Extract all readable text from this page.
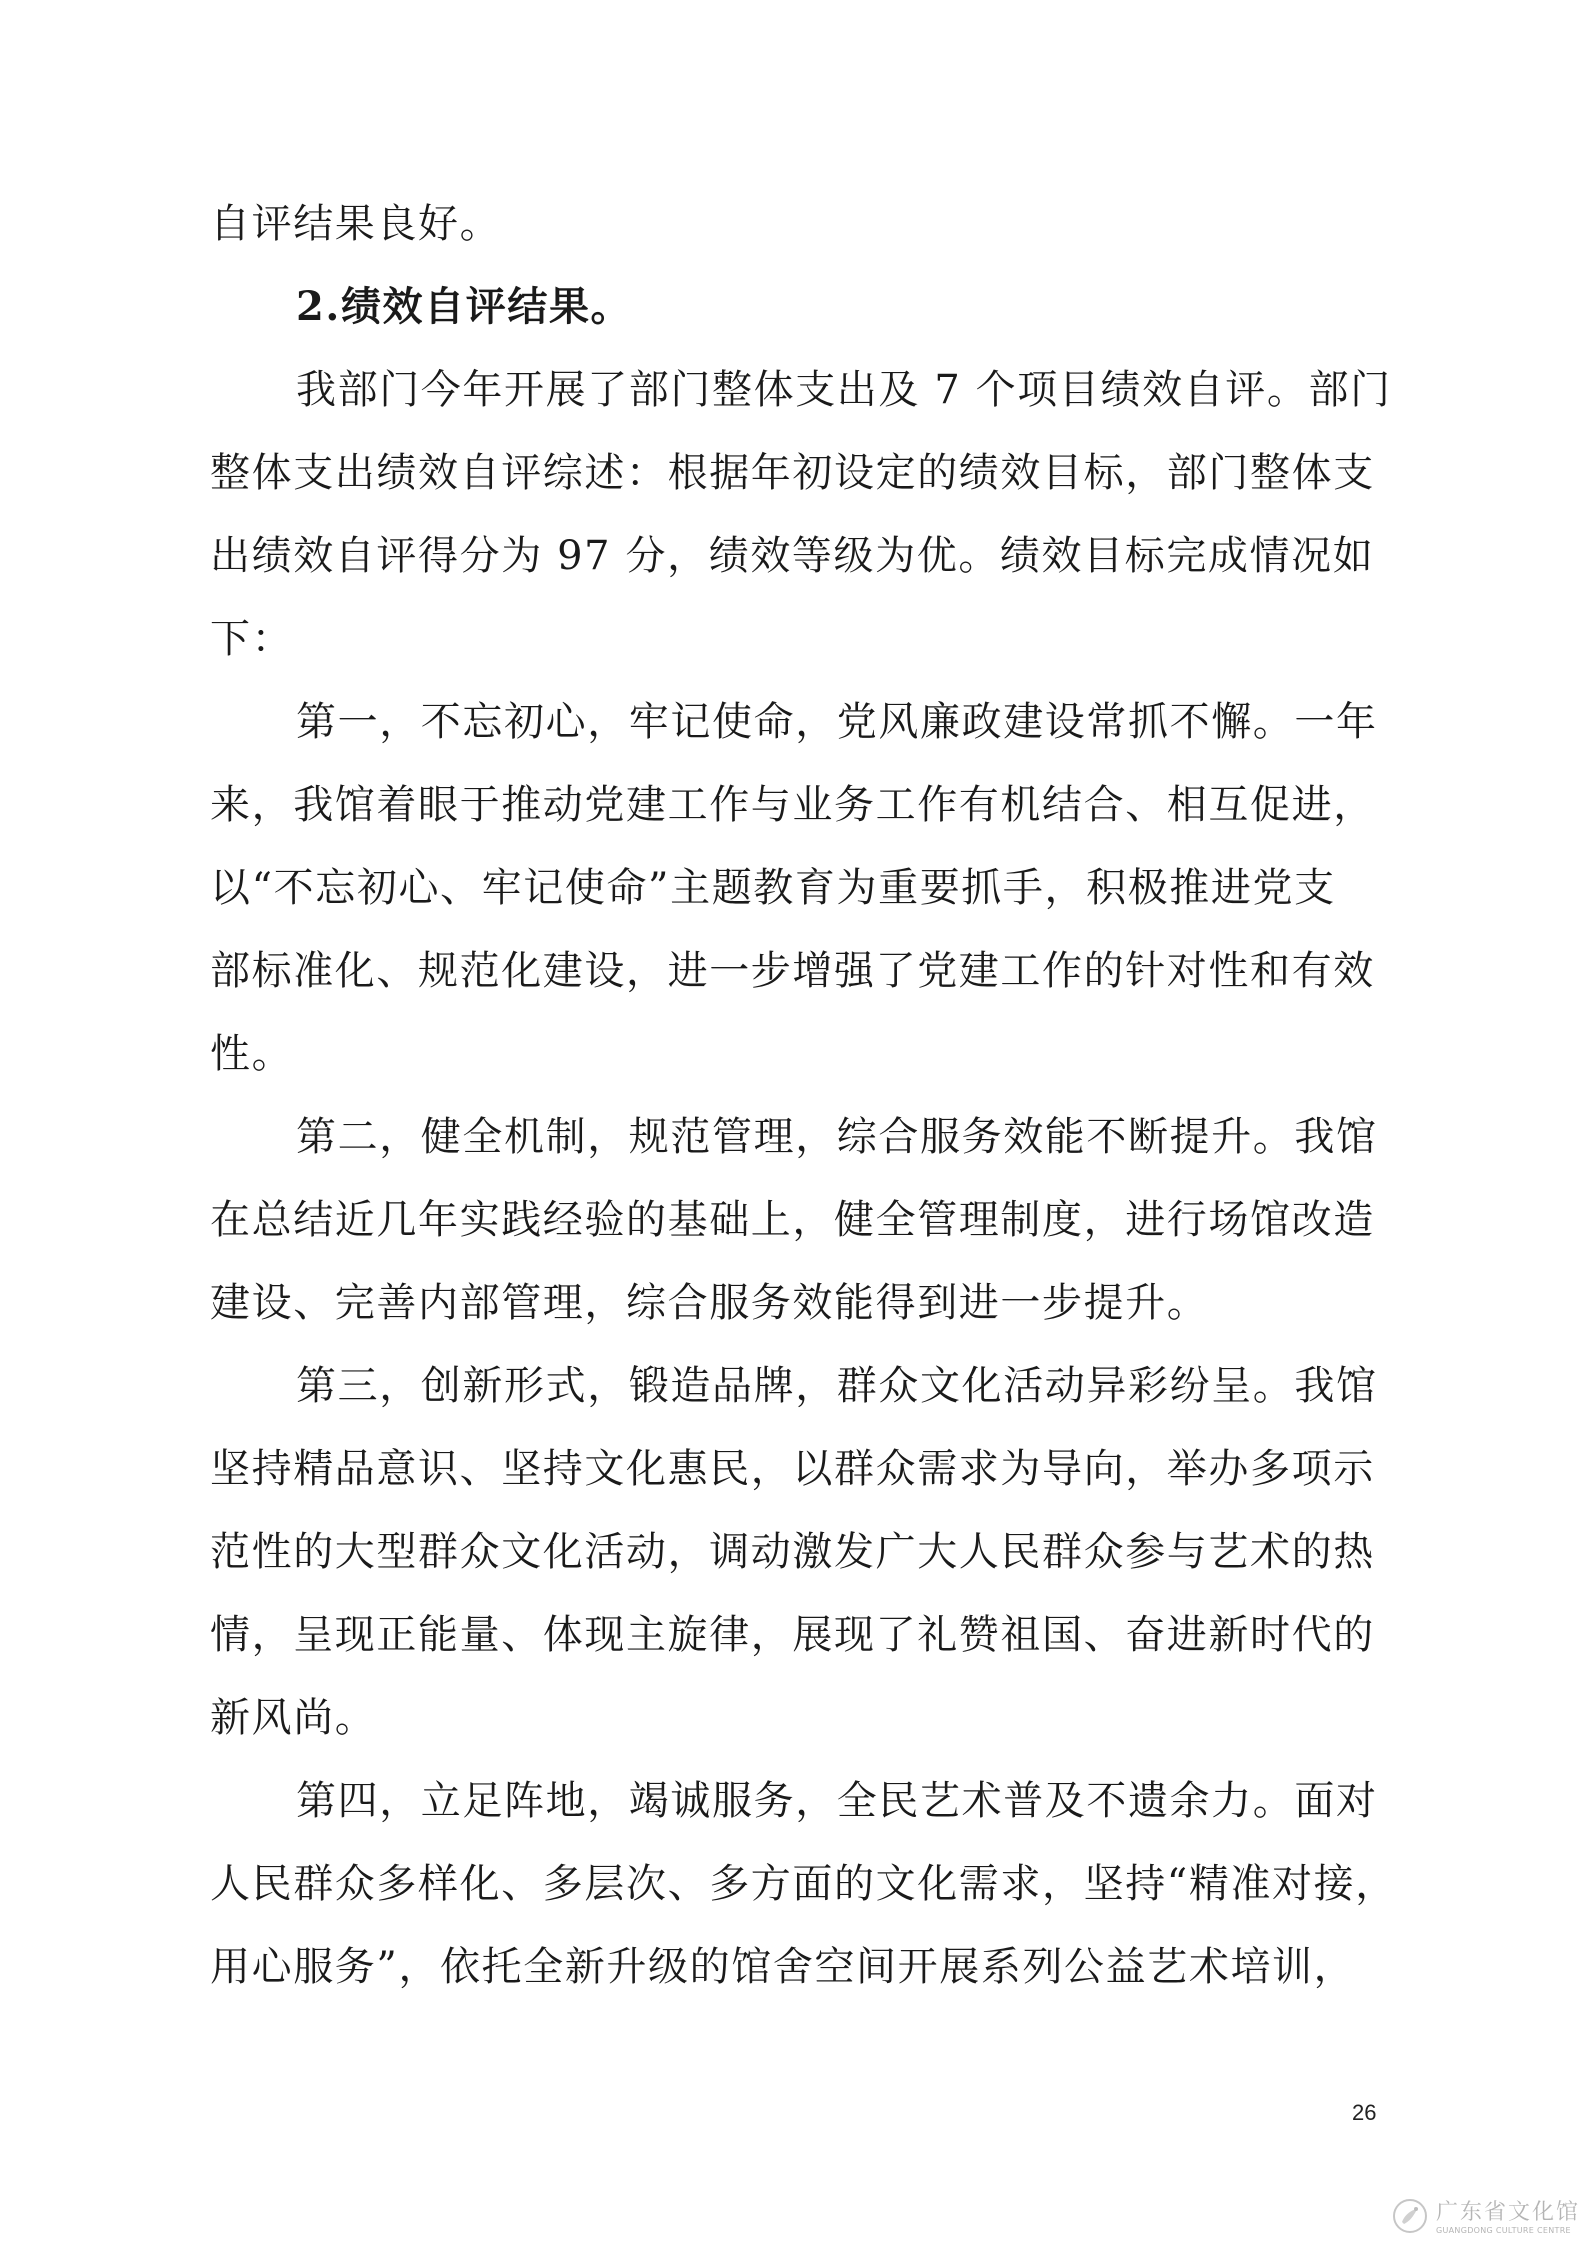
自评结果良好。
2.绩效自评结果。
我部门今年开展了部门整体支出及 7 个项目绩效自评。部门
整体支出绩效自评综述：根据年初设定的绩效目标，部门整体支
出绩效自评得分为 97 分，绩效等级为优。绩效目标完成情况如
下：
第一，不忘初心，牢记使命，党风廉政建设常抓不懈。一年
来，我馆着眼于推动党建工作与业务工作有机结合、相互促进，
以“不忘初心、牢记使命”主题教育为重要抓手，积极推进党支
部标准化、规范化建设，进一步增强了党建工作的针对性和有效
性。
第二，健全机制，规范管理，综合服务效能不断提升。我馆
在总结近几年实践经验的基础上，健全管理制度，进行场馆改造
建设、完善内部管理，综合服务效能得到进一步提升。
第三，创新形式，锻造品牌，群众文化活动异彩纷呈。我馆
坚持精品意识、坚持文化惠民，以群众需求为导向，举办多项示
范性的大型群众文化活动，调动激发广大人民群众参与艺术的热
情，呈现正能量、体现主旋律，展现了礼赞祖国、奋进新时代的
新风尚。
第四，立足阵地，竭诚服务，全民艺术普及不遗余力。面对
人民群众多样化、多层次、多方面的文化需求，坚持“精准对接，
用心服务”，依托全新升级的馆舍空间开展系列公益艺术培训，
26
广东省文化馆
GUANGDONG CULTURE CENTRE
